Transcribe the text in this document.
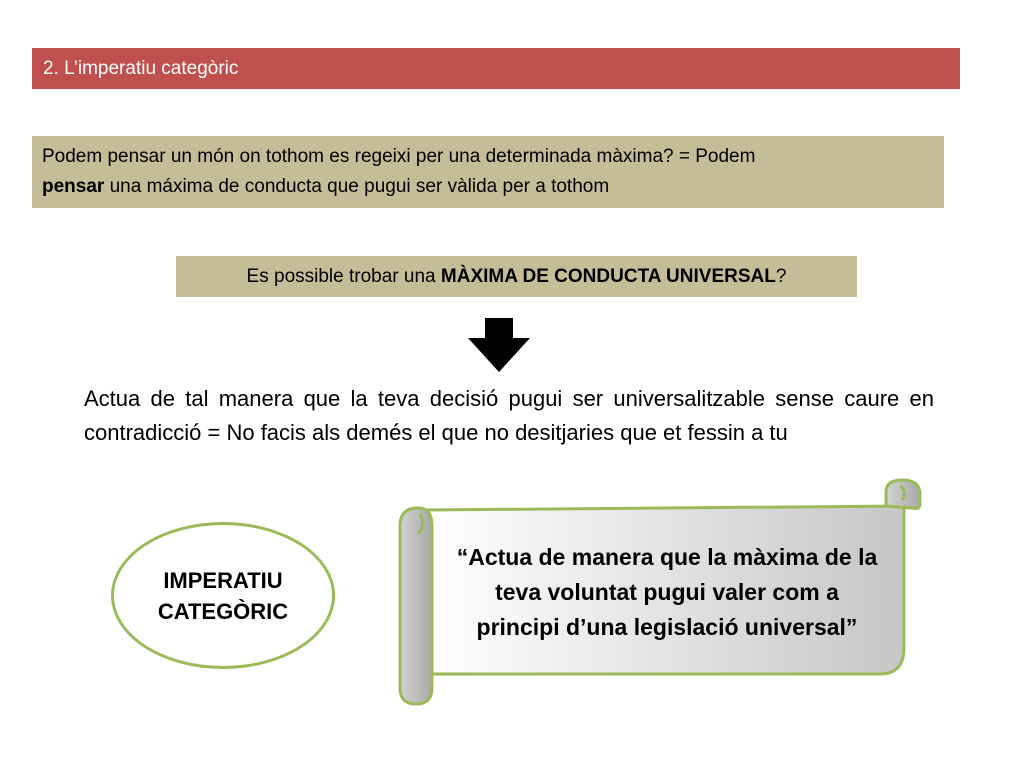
2. L’imperatiu categòric
Podem pensar un món on tothom es regeixi per una determinada màxima? = Podem
pensar una máxima de conducta que pugui ser vàlida per a tothom
Es possible trobar una MÀXIMA DE CONDUCTA UNIVERSAL?
Actua de tal manera que la teva decisió pugui ser universalitzable sense caure en contradicció = No facis als demés el que no desitjaries que et fessin a tu
IMPERATIU
CATEGÒRIC
“Actua de manera que la màxima de la
teva voluntat pugui valer com a
principi d’una legislació universal”
